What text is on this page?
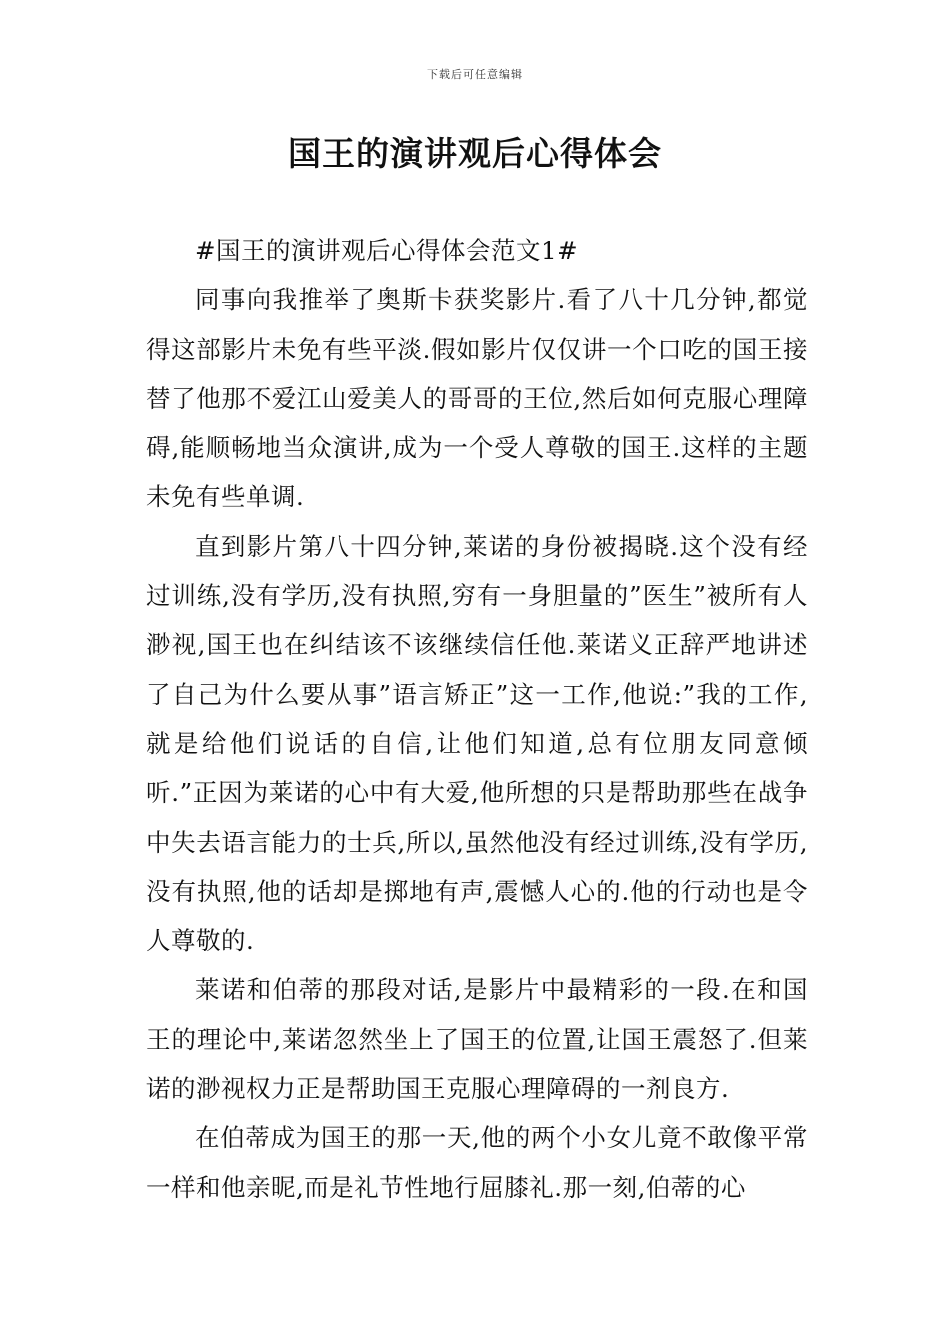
下载后可任意编辑
国王的演讲观后心得体会

#国王的演讲观后心得体会范文1#

同事向我推举了奥斯卡获奖影片.看了八十几分钟,都觉得这部影片未免有些平淡.假如影片仅仅讲一个口吃的国王接替了他那不爱江山爱美人的哥哥的王位,然后如何克服心理障碍,能顺畅地当众演讲,成为一个受人尊敬的国王.这样的主题未免有些单调.

直到影片第八十四分钟,莱诺的身份被揭晓.这个没有经过训练,没有学历,没有执照,穷有一身胆量的”医生”被所有人渺视,国王也在纠结该不该继续信任他.莱诺义正辞严地讲述了自己为什么要从事”语言矫正”这一工作,他说:”我的工作,就是给他们说话的自信,让他们知道,总有位朋友同意倾听.”正因为莱诺的心中有大爱,他所想的只是帮助那些在战争中失去语言能力的士兵,所以,虽然他没有经过训练,没有学历,没有执照,他的话却是掷地有声,震憾人心的.他的行动也是令人尊敬的.

莱诺和伯蒂的那段对话,是影片中最精彩的一段.在和国王的理论中,莱诺忽然坐上了国王的位置,让国王震怒了.但莱诺的渺视权力正是帮助国王克服心理障碍的一剂良方.

在伯蒂成为国王的那一天,他的两个小女儿竟不敢像平常一样和他亲昵,而是礼节性地行屈膝礼.那一刻,伯蒂的心
